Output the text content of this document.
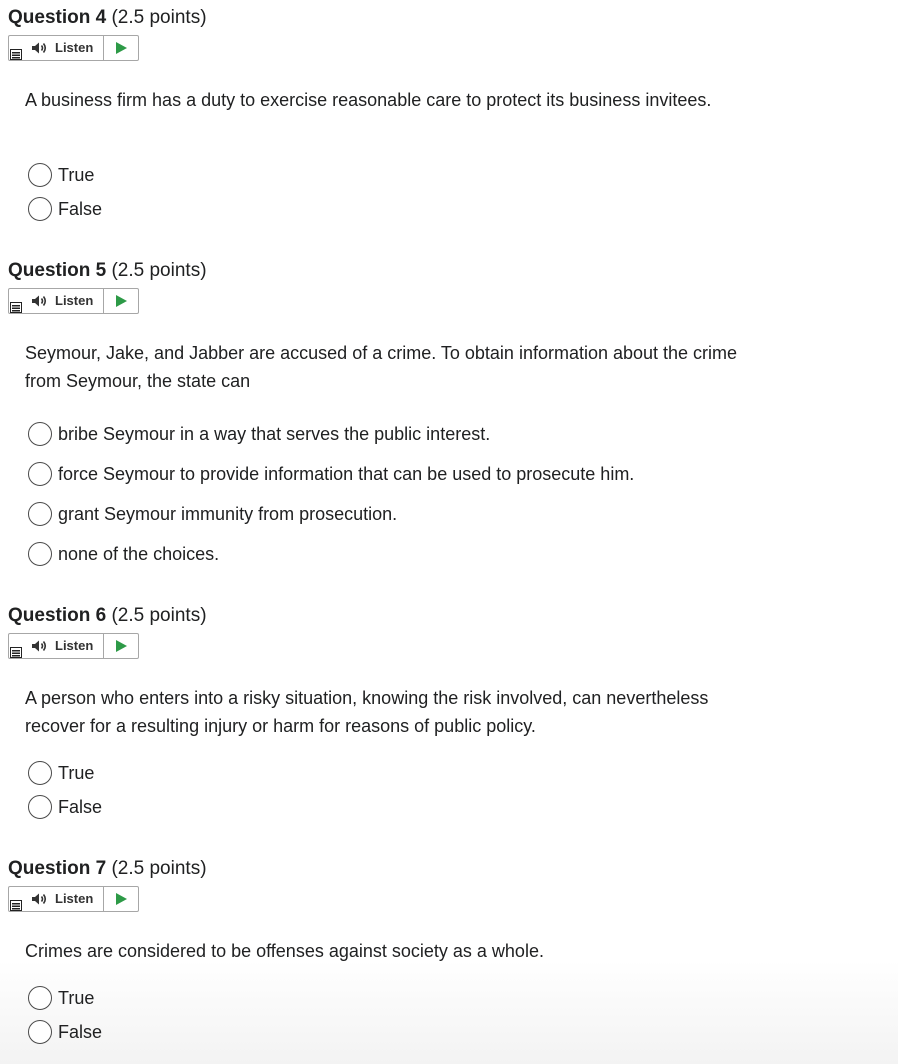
Question 4 (2.5 points)
Listen
A business firm has a duty to exercise reasonable care to protect its business invitees.
True
False
Question 5 (2.5 points)
Listen
Seymour, Jake, and Jabber are accused of a crime. To obtain information about the crime from Seymour, the state can
bribe Seymour in a way that serves the public interest.
force Seymour to provide information that can be used to prosecute him.
grant Seymour immunity from prosecution.
none of the choices.
Question 6 (2.5 points)
Listen
A person who enters into a risky situation, knowing the risk involved, can nevertheless recover for a resulting injury or harm for reasons of public policy.
True
False
Question 7 (2.5 points)
Listen
Crimes are considered to be offenses against society as a whole.
True
False
